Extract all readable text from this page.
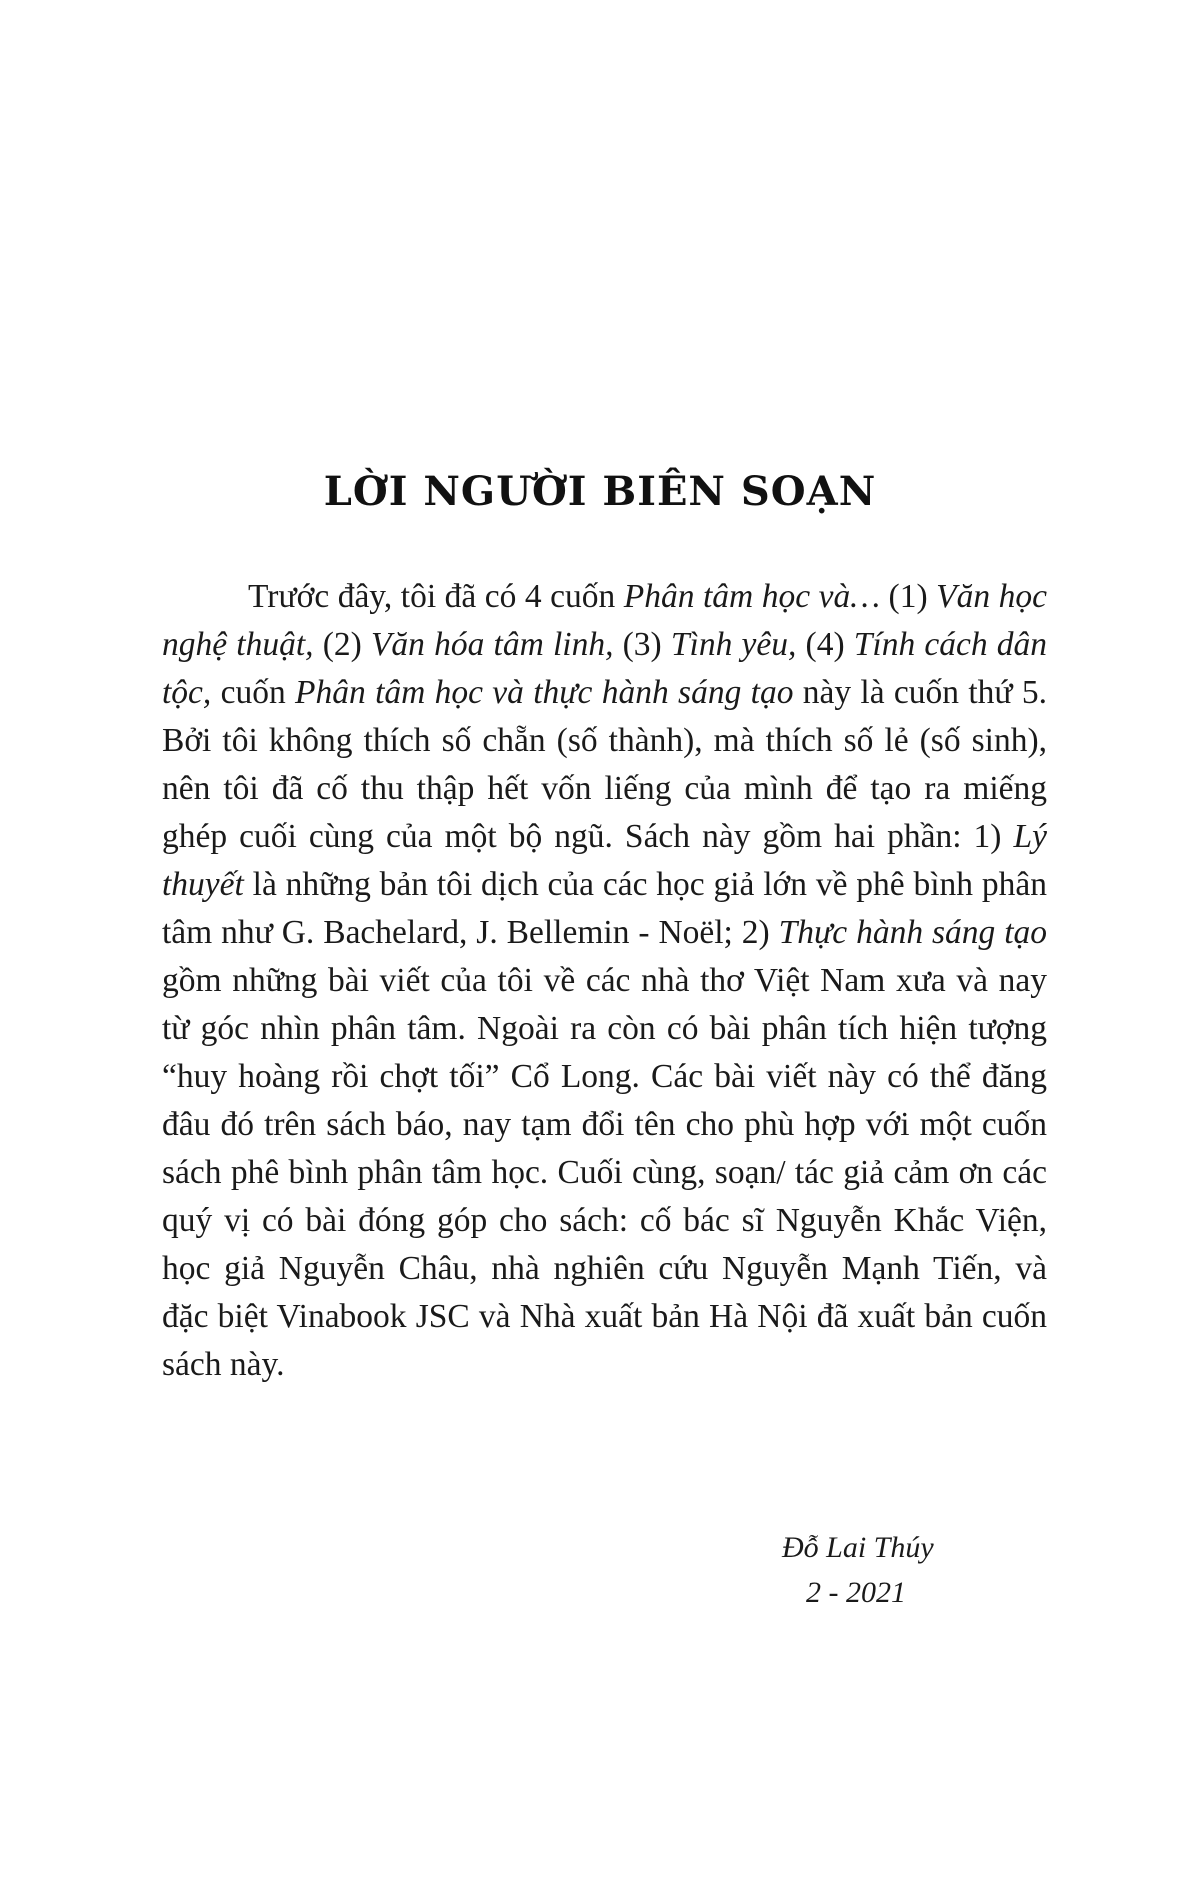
LỜI NGƯỜI BIÊN SOẠN

Trước đây, tôi đã có 4 cuốn Phân tâm học và… (1) Văn học nghệ thuật, (2) Văn hóa tâm linh, (3) Tình yêu, (4) Tính cách dân tộc, cuốn Phân tâm học và thực hành sáng tạo này là cuốn thứ 5. Bởi tôi không thích số chẵn (số thành), mà thích số lẻ (số sinh), nên tôi đã cố thu thập hết vốn liếng của mình để tạo ra miếng ghép cuối cùng của một bộ ngũ. Sách này gồm hai phần: 1) Lý thuyết là những bản tôi dịch của các học giả lớn về phê bình phân tâm như G. Bachelard, J. Bellemin - Noël; 2) Thực hành sáng tạo gồm những bài viết của tôi về các nhà thơ Việt Nam xưa và nay từ góc nhìn phân tâm. Ngoài ra còn có bài phân tích hiện tượng “huy hoàng rồi chợt tối” Cổ Long. Các bài viết này có thể đăng đâu đó trên sách báo, nay tạm đổi tên cho phù hợp với một cuốn sách phê bình phân tâm học. Cuối cùng, soạn/ tác giả cảm ơn các quý vị có bài đóng góp cho sách: cố bác sĩ Nguyễn Khắc Viện, học giả Nguyễn Châu, nhà nghiên cứu Nguyễn Mạnh Tiến, và đặc biệt Vinabook JSC và Nhà xuất bản Hà Nội đã xuất bản cuốn sách này.

Đỗ Lai Thúy
2 - 2021
